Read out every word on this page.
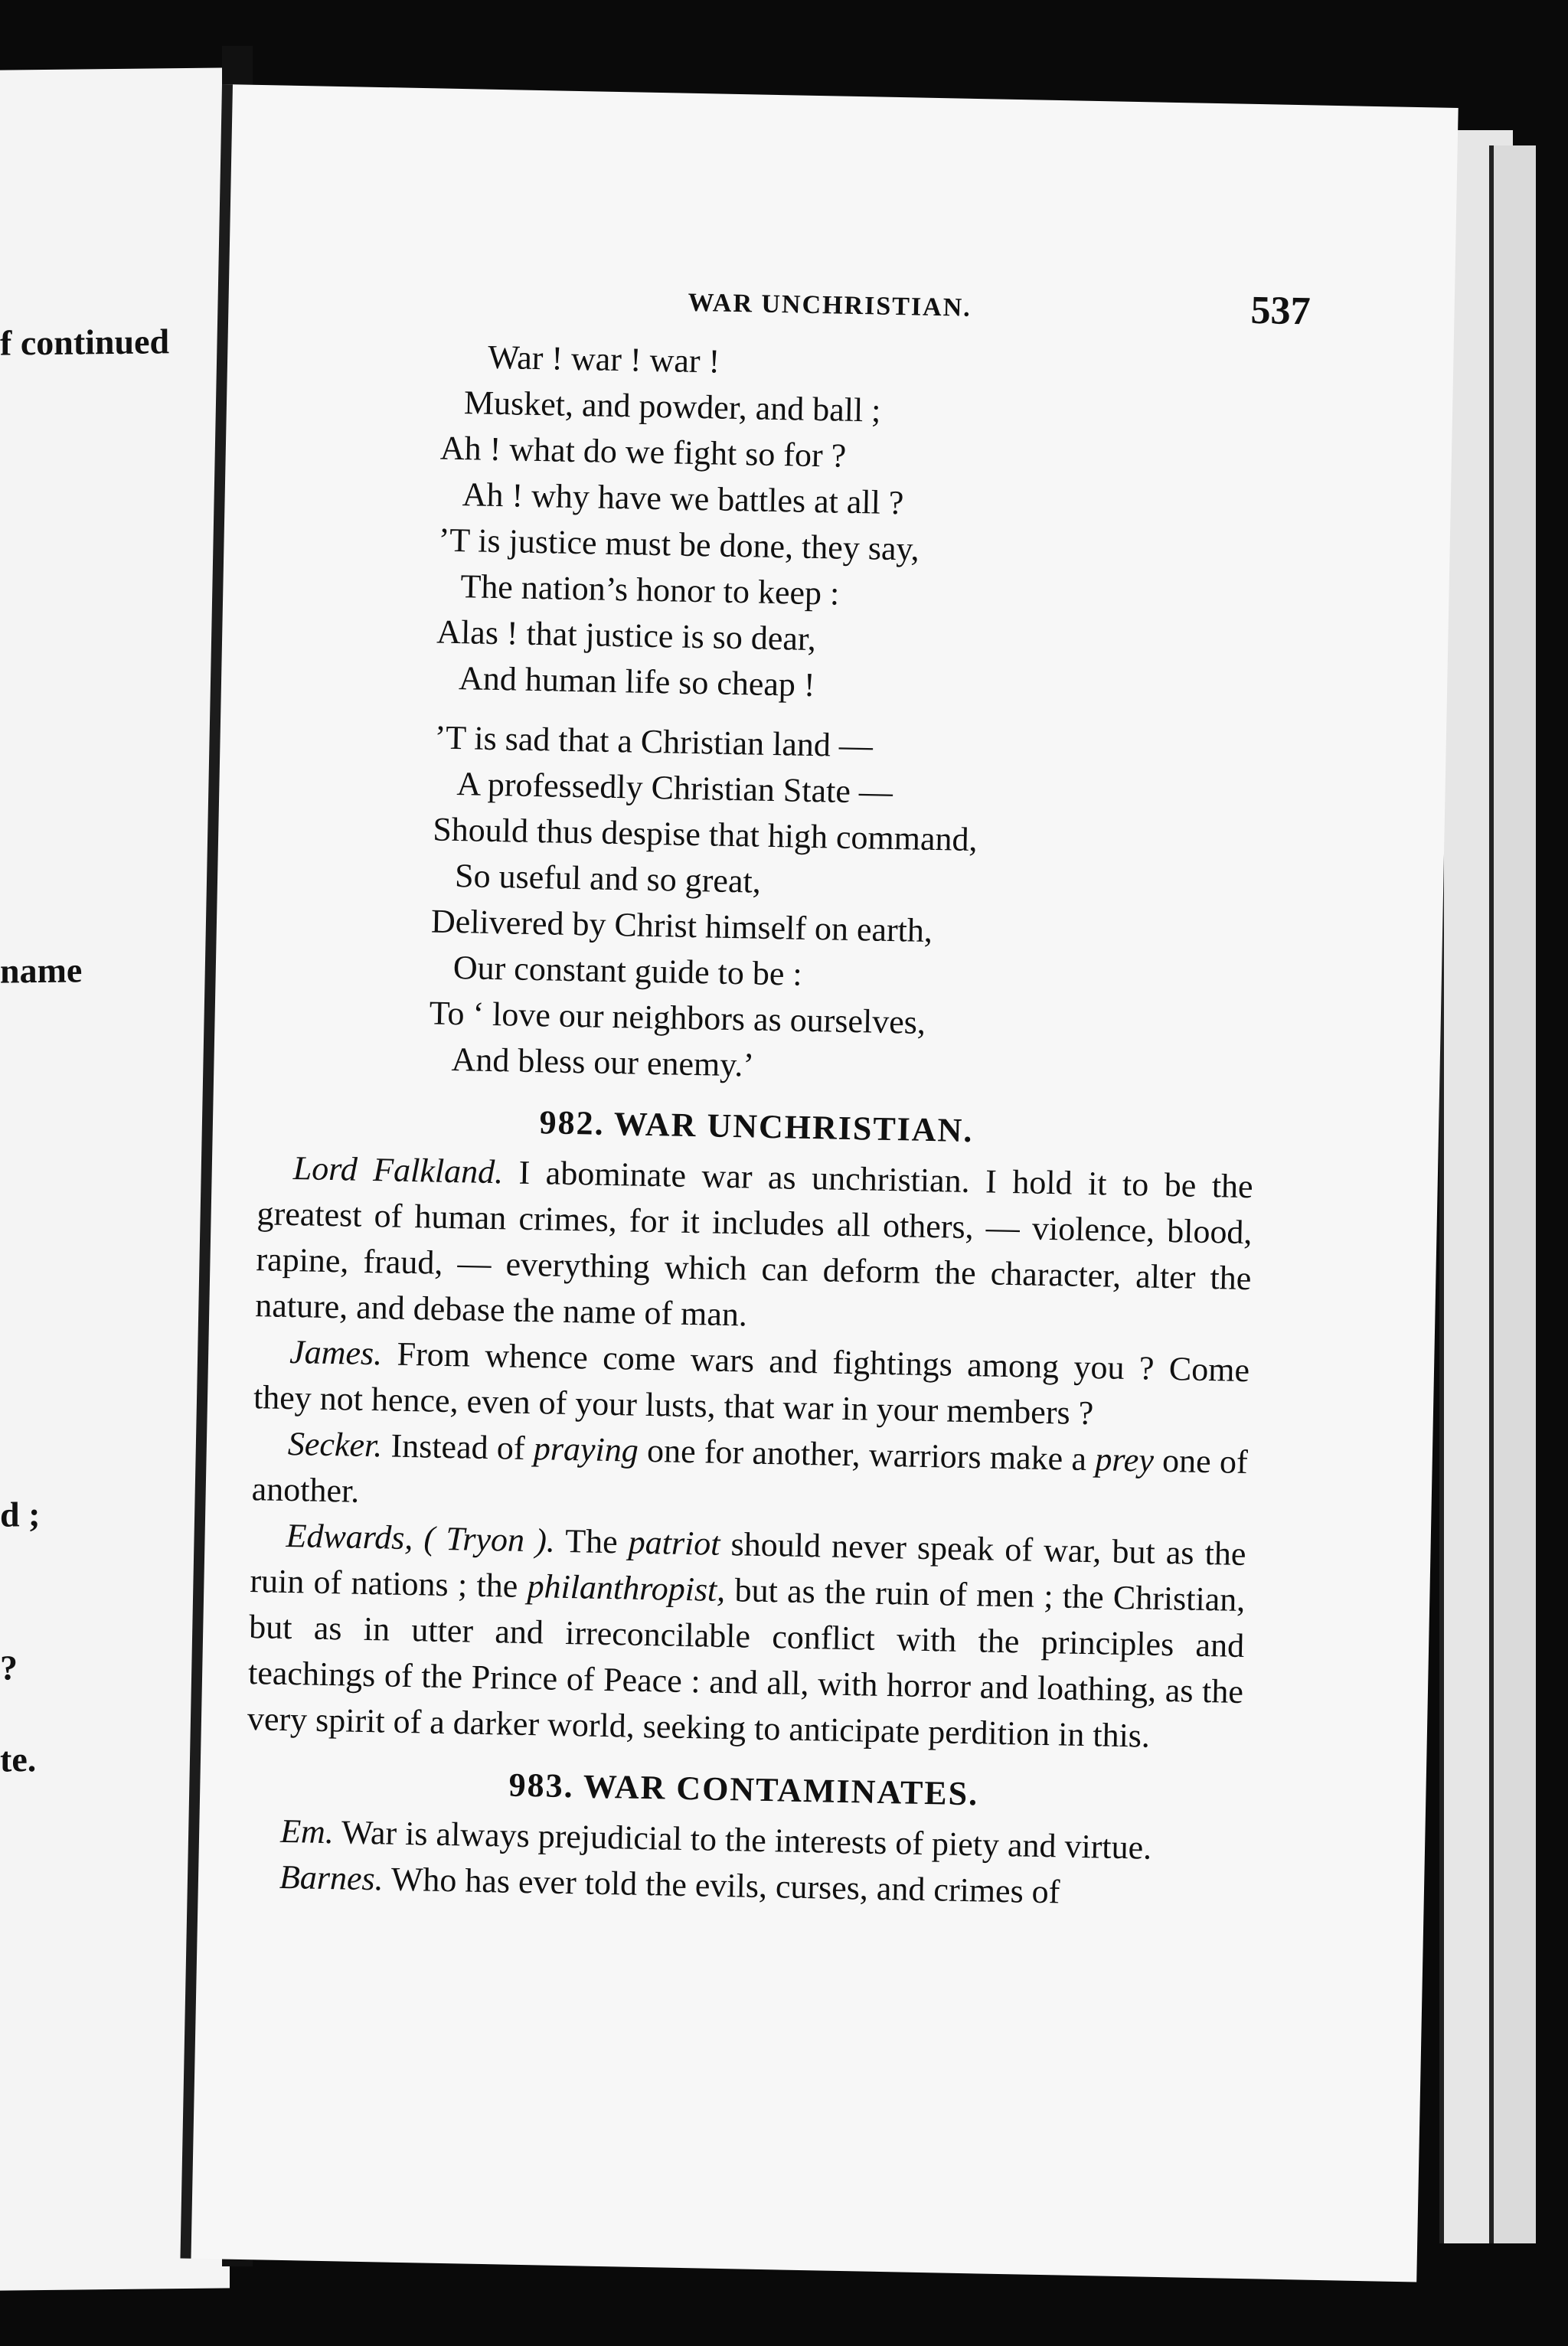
f continued
name
d ;
?
te.
WAR UNCHRISTIAN.	537
War ! war ! war !
Musket, and powder, and ball ;
Ah ! what do we fight so for ?
Ah ! why have we battles at all ?
’T is justice must be done, they say,
The nation’s honor to keep :
Alas ! that justice is so dear,
And human life so cheap !
’T is sad that a Christian land —
A professedly Christian State —
Should thus despise that high command,
So useful and so great,
Delivered by Christ himself on earth,
Our constant guide to be :
To ‘ love our neighbors as ourselves,
And bless our enemy.’
982. WAR UNCHRISTIAN.

Lord Falkland. I abominate war as unchristian. I hold it to be the greatest of human crimes, for it includes all others, — violence, blood, rapine, fraud, — everything which can deform the character, alter the nature, and debase the name of man.

James. From whence come wars and fightings among you ? Come they not hence, even of your lusts, that war in your members ?

Secker. Instead of praying one for another, warriors make a prey one of another.

Edwards, ( Tryon ). The patriot should never speak of war, but as the ruin of nations ; the philanthropist, but as the ruin of men ; the Christian, but as in utter and irreconcilable conflict with the principles and teachings of the Prince of Peace : and all, with horror and loathing, as the very spirit of a darker world, seeking to anticipate perdition in this.

983. WAR CONTAMINATES.

Em. War is always prejudicial to the interests of piety and virtue.

Barnes. Who has ever told the evils, curses, and crimes of
